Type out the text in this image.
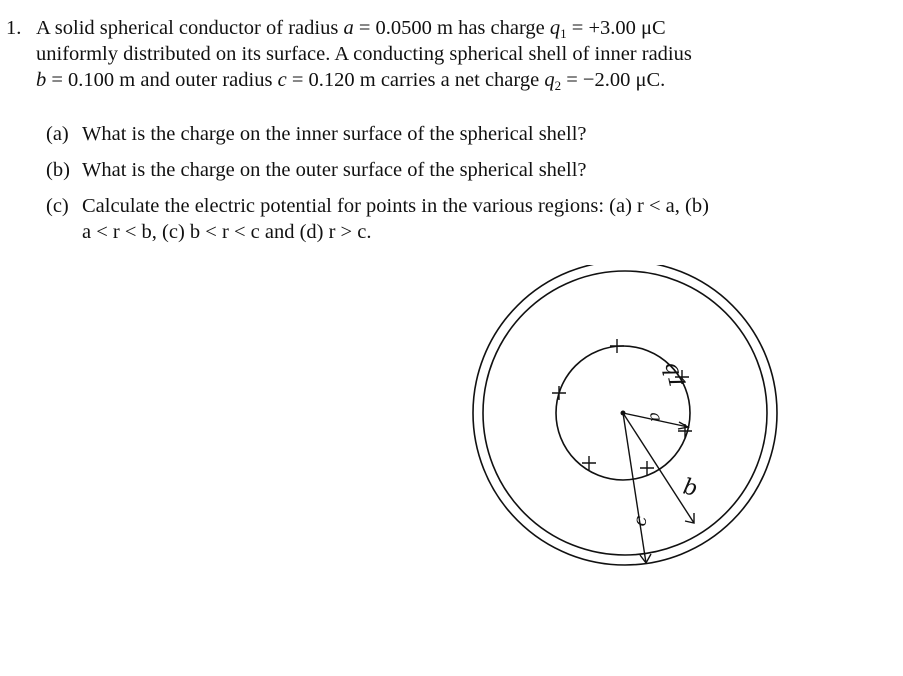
1. A solid spherical conductor of radius a = 0.0500 m has charge $q_1 = +3.00$ μC
uniformly distributed on its surface. A conducting spherical shell of inner radius
b = 0.100 m and outer radius c = 0.120 m carries a net charge $q_2 = -2.00$ μC.
(a) What is the charge on the inner surface of the spherical shell?
(b) What is the charge on the outer surface of the spherical shell?
(c) Calculate the electric potential for points in the various regions: (a) r < a, (b)
a < r < b, (c) b < r < c and (d) r > c.
q1
a
b
c
